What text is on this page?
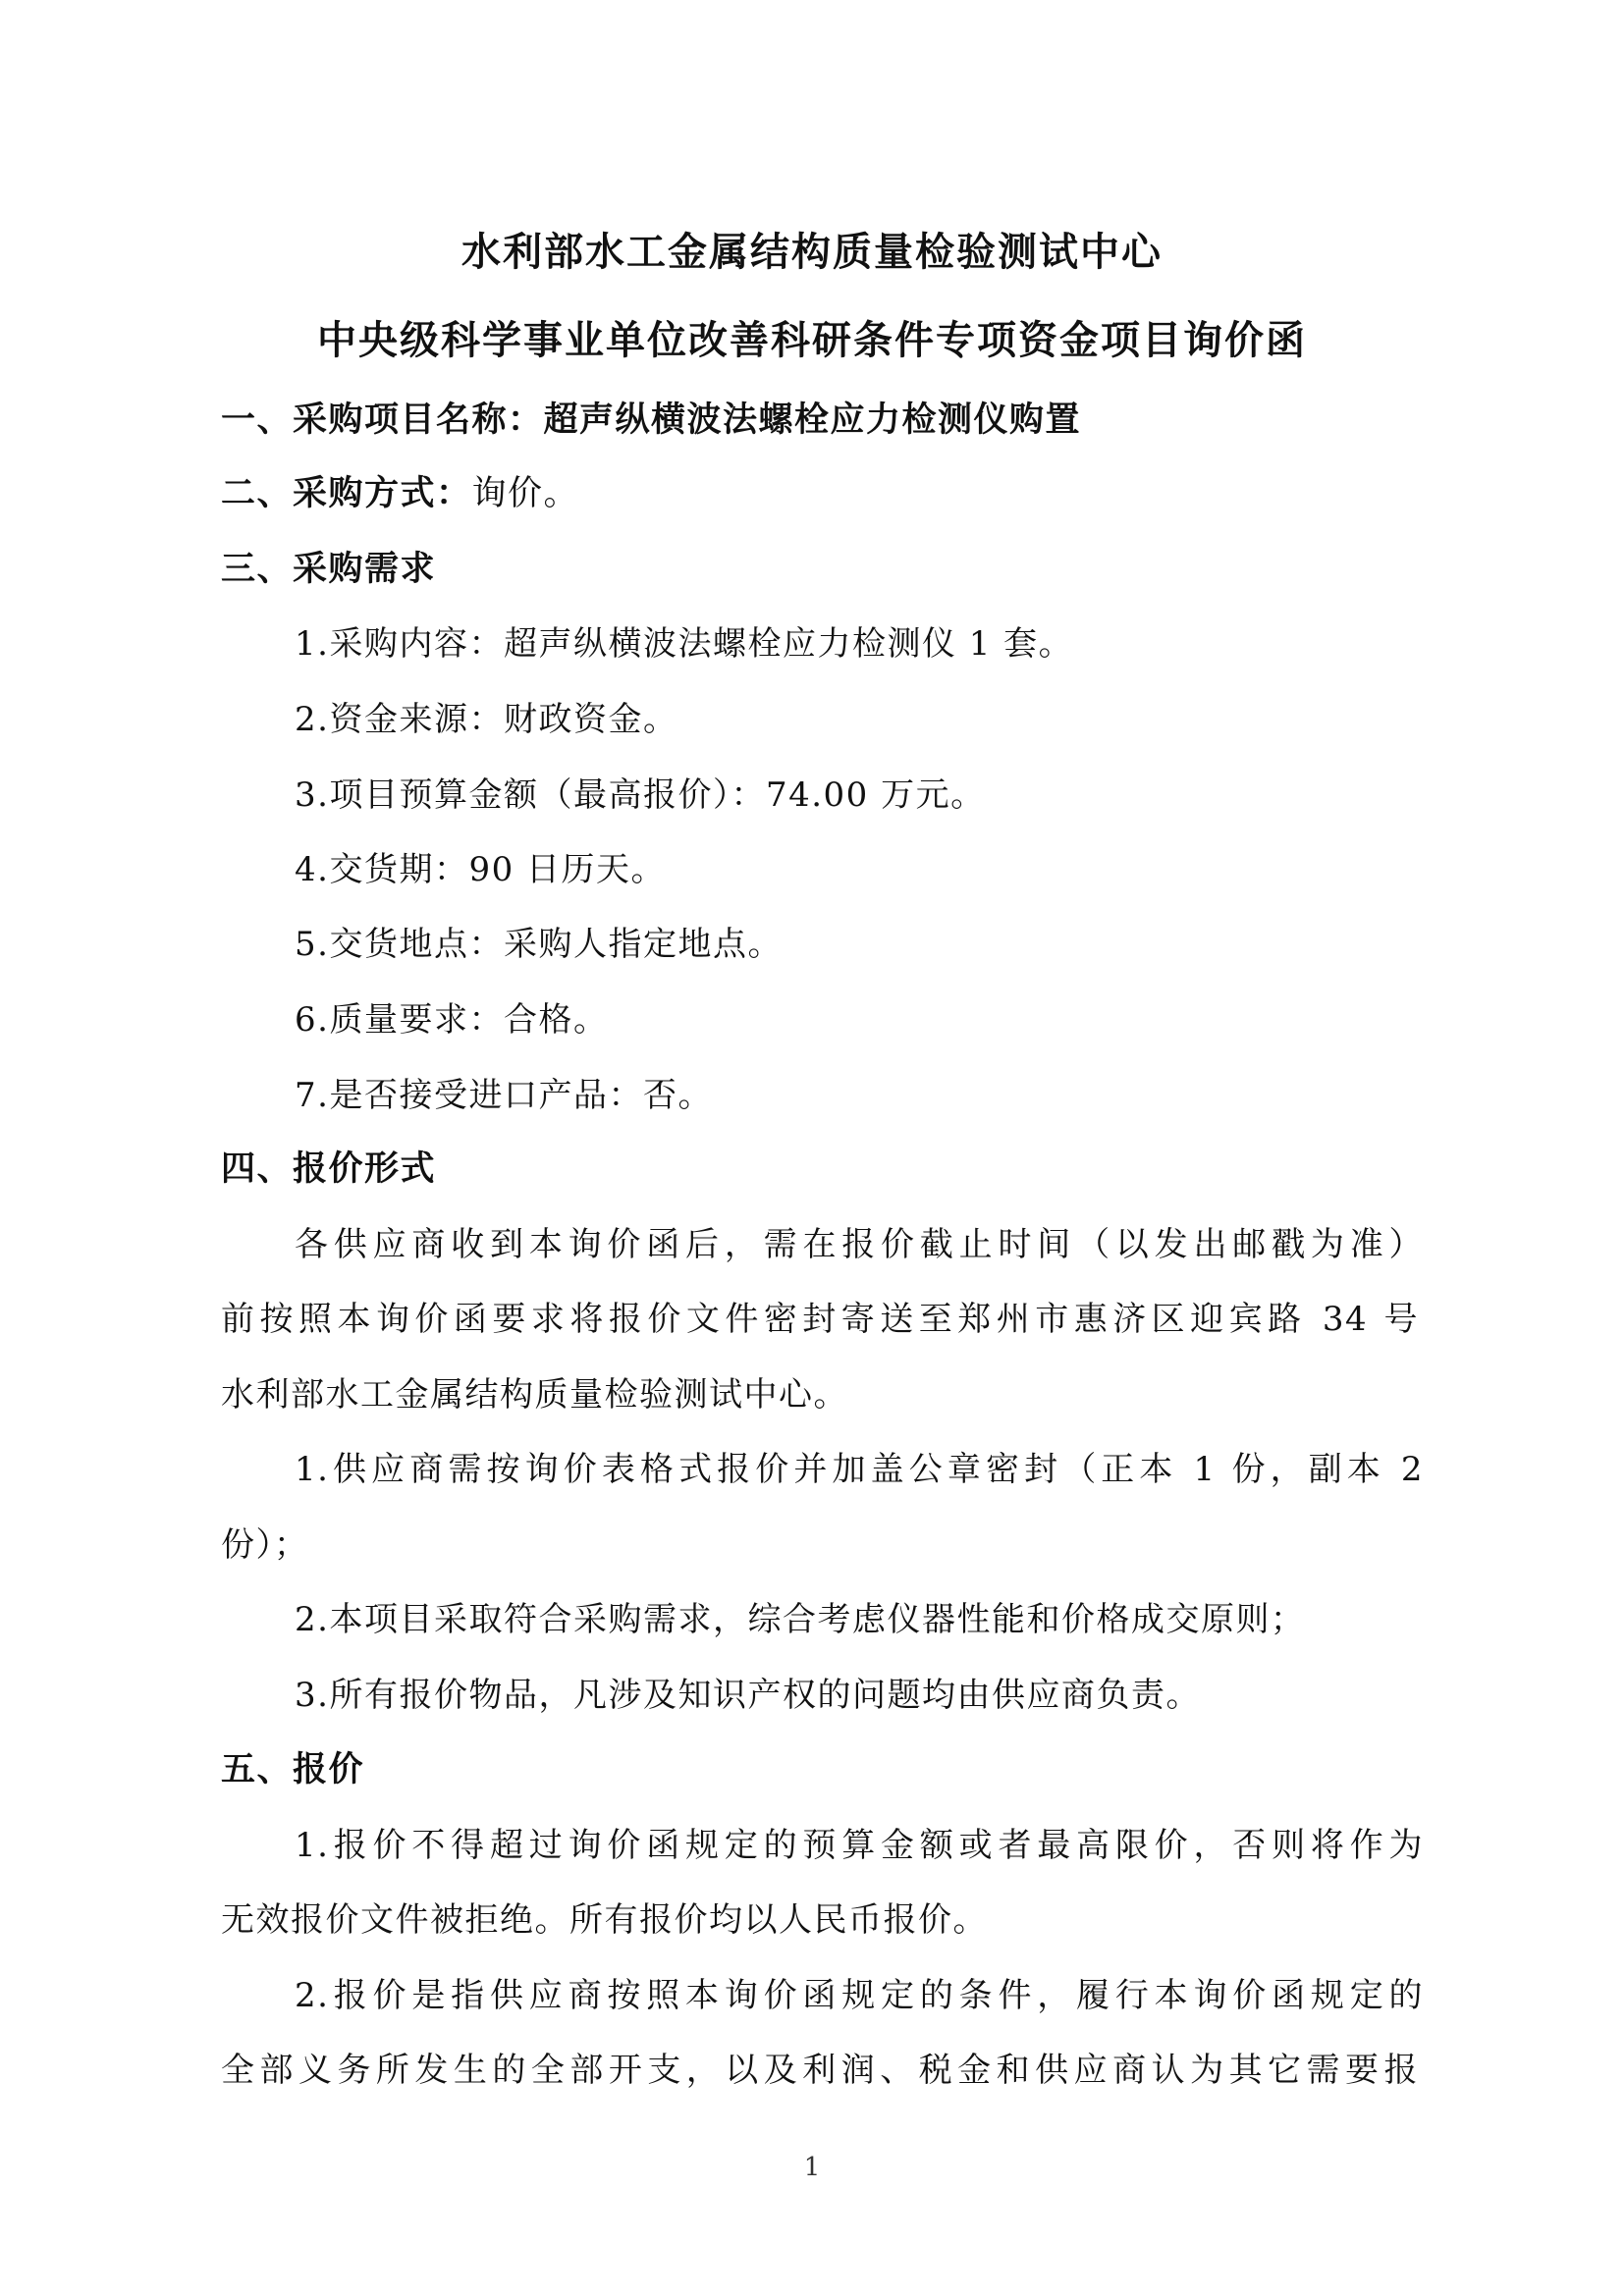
水利部水工金属结构质量检验测试中心
中央级科学事业单位改善科研条件专项资金项目询价函
一、采购项目名称：超声纵横波法螺栓应力检测仪购置
二、采购方式：询价。
三、采购需求
1.采购内容：超声纵横波法螺栓应力检测仪 1 套。
2.资金来源：财政资金。
3.项目预算金额（最高报价）：74.00 万元。
4.交货期：90 日历天。
5.交货地点：采购人指定地点。
6.质量要求：合格。
7.是否接受进口产品：否。
四、报价形式
各供应商收到本询价函后，需在报价截止时间（以发出邮戳为准）
前按照本询价函要求将报价文件密封寄送至郑州市惠济区迎宾路 34 号
水利部水工金属结构质量检验测试中心。
1.供应商需按询价表格式报价并加盖公章密封（正本 1 份，副本 2
份）；
2.本项目采取符合采购需求，综合考虑仪器性能和价格成交原则；
3.所有报价物品，凡涉及知识产权的问题均由供应商负责。
五、报价
1.报价不得超过询价函规定的预算金额或者最高限价，否则将作为
无效报价文件被拒绝。所有报价均以人民币报价。
2.报价是指供应商按照本询价函规定的条件，履行本询价函规定的
全部义务所发生的全部开支，以及利润、税金和供应商认为其它需要报
1
